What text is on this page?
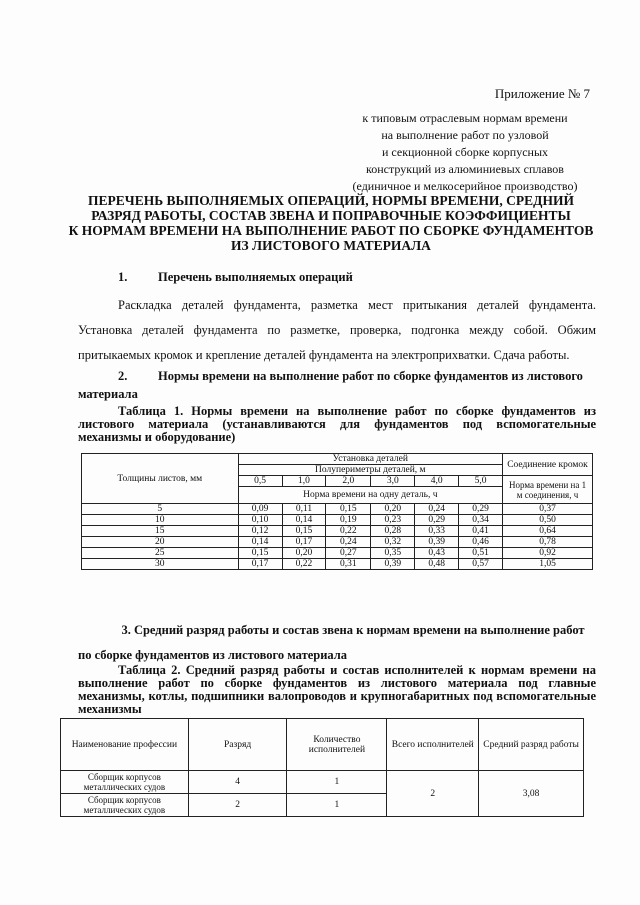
Приложение № 7
к типовым отраслевым нормам времени
на выполнение работ по узловой
и секционной сборке корпусных
конструкций из алюминиевых сплавов
(единичное и мелкосерийное производство)
ПЕРЕЧЕНЬ ВЫПОЛНЯЕМЫХ ОПЕРАЦИЙ, НОРМЫ ВРЕМЕНИ, СРЕДНИЙ
РАЗРЯД РАБОТЫ, СОСТАВ ЗВЕНА И ПОПРАВОЧНЫЕ КОЭФФИЦИЕНТЫ
К НОРМАМ ВРЕМЕНИ НА ВЫПОЛНЕНИЕ РАБОТ ПО СБОРКЕ ФУНДАМЕНТОВ
ИЗ ЛИСТОВОГО МАТЕРИАЛА
1. Перечень выполняемых операций
Раскладка деталей фундамента, разметка мест притыкания деталей фундамента. Установка деталей фундамента по разметке, проверка, подгонка между собой. Обжим притыкаемых кромок и крепление деталей фундамента на электроприхватки. Сдача работы.
2. Нормы времени на выполнение работ по сборке фундаментов из листового материала
Таблица 1. Нормы времени на выполнение работ по сборке фундаментов из листового материала (устанавливаются для фундаментов под вспомогательные механизмы и оборудование)
Толщины листов, мм	Установка деталей						Соединение кромок
	Полупериметры деталей, м						
	0,5	1,0	2,0	3,0	4,0	5,0	Норма времени на 1 м соединения, ч
	Норма времени на одну деталь, ч						
5	0,09	0,11	0,15	0,20	0,24	0,29	0,37
10	0,10	0,14	0,19	0,23	0,29	0,34	0,50
15	0,12	0,15	0,22	0,28	0,33	0,41	0,64
20	0,14	0,17	0,24	0,32	0,39	0,46	0,78
25	0,15	0,20	0,27	0,35	0,43	0,51	0,92
30	0,17	0,22	0,31	0,39	0,48	0,57	1,05
3. Средний разряд работы и состав звена к нормам времени на выполнение работ
по сборке фундаментов из листового материала
Таблица 2. Средний разряд работы и состав исполнителей к нормам времени на выполнение работ по сборке фундаментов из листового материала под главные механизмы, котлы, подшипники валопроводов и крупногабаритных под вспомогательные механизмы
Наименование профессии	Разряд	Количество исполнителей	Всего исполнителей	Средний разряд работы
Сборщик корпусов металлических судов	4	1	2	3,08
Сборщик корпусов металлических судов	2	1		
